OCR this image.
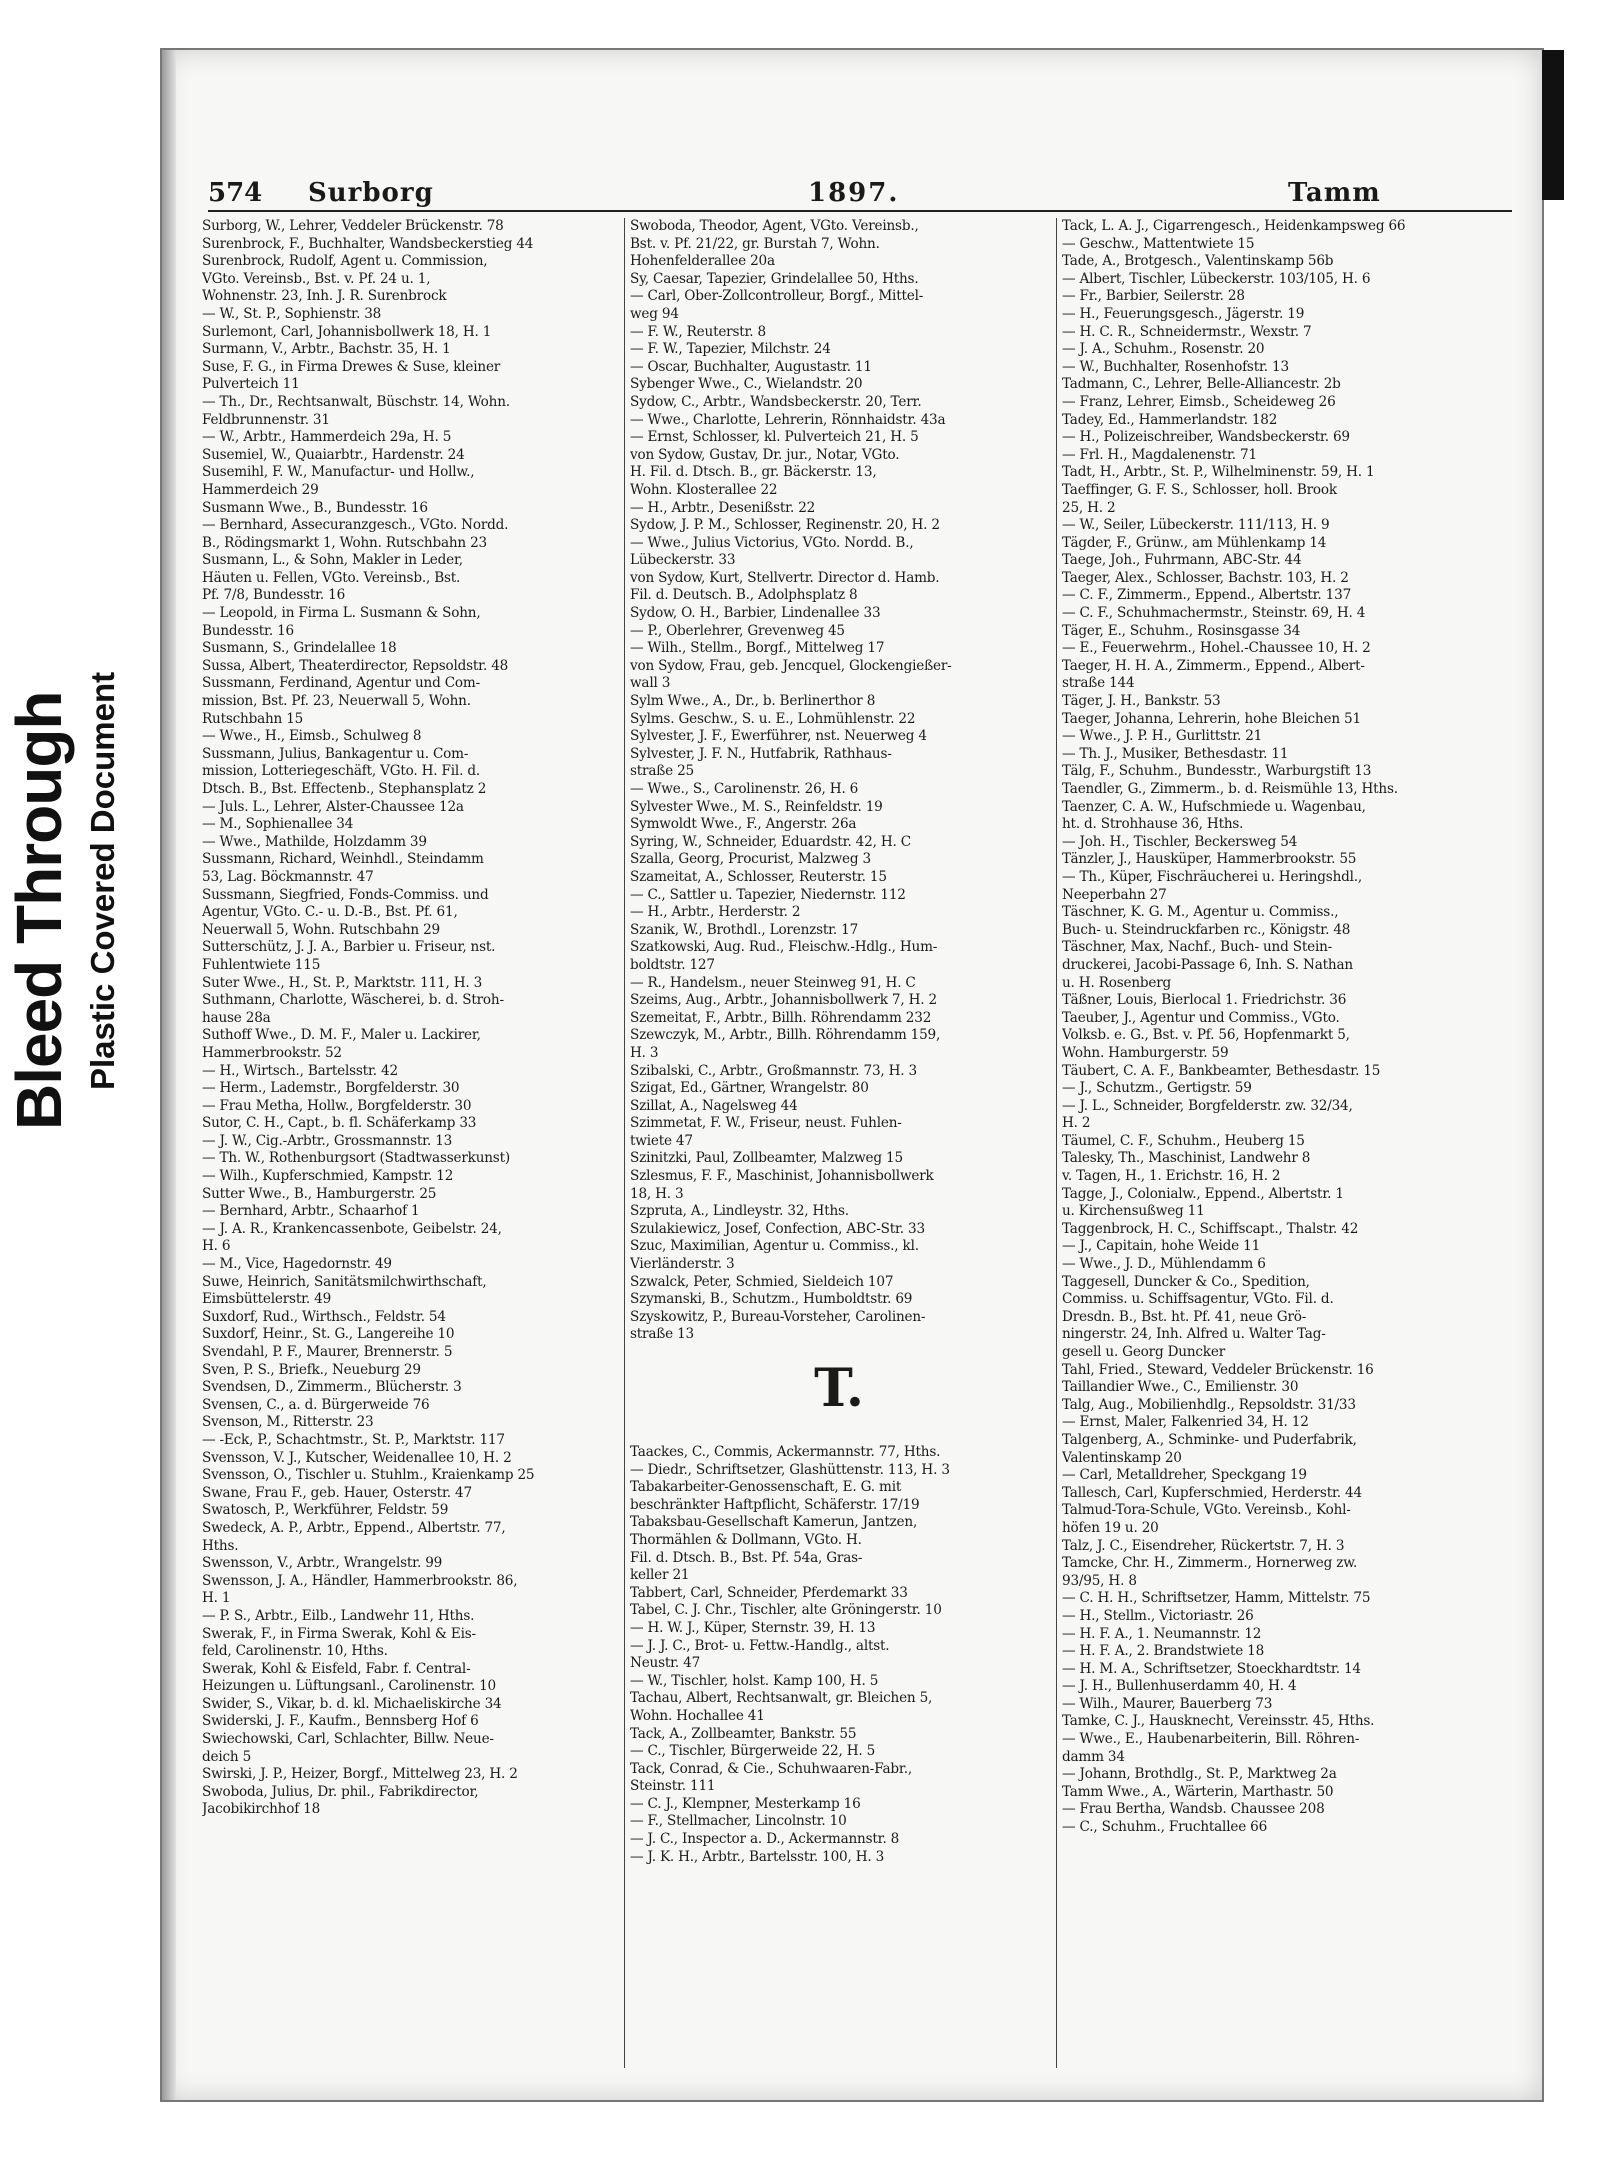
Bleed Through Plastic Covered Document
574 Surborg	1897.	Tamm
Surborg, W., Lehrer, Veddeler Brückenstr. 78
Surenbrock, F., Buchhalter, Wandsbeckerstieg 44
Surenbrock, Rudolf, Agent u. Commission,
VGto. Vereinsb., Bst. v. Pf. 24 u. 1,
Wohnenstr. 23, Inh. J. R. Surenbrock
— W., St. P., Sophienstr. 38
Surlemont, Carl, Johannisbollwerk 18, H. 1
Surmann, V., Arbtr., Bachstr. 35, H. 1
Suse, F. G., in Firma Drewes & Suse, kleiner
Pulverteich 11
— Th., Dr., Rechtsanwalt, Büschstr. 14, Wohn.
Feldbrunnenstr. 31
— W., Arbtr., Hammerdeich 29a, H. 5
Susemiel, W., Quaiarbtr., Hardenstr. 24
Susemihl, F. W., Manufactur- und Hollw.,
Hammerdeich 29
Susmann Wwe., B., Bundesstr. 16
— Bernhard, Assecuranzgesch., VGto. Nordd.
B., Rödingsmarkt 1, Wohn. Rutschbahn 23
Susmann, L., & Sohn, Makler in Leder,
Häuten u. Fellen, VGto. Vereinsb., Bst.
Pf. 7/8, Bundesstr. 16
— Leopold, in Firma L. Susmann & Sohn,
Bundesstr. 16
Susmann, S., Grindelallee 18
Sussa, Albert, Theaterdirector, Repsoldstr. 48
Sussmann, Ferdinand, Agentur und Com-
mission, Bst. Pf. 23, Neuerwall 5, Wohn.
Rutschbahn 15
— Wwe., H., Eimsb., Schulweg 8
Sussmann, Julius, Bankagentur u. Com-
mission, Lotteriegeschäft, VGto. H. Fil. d.
Dtsch. B., Bst. Effectenb., Stephansplatz 2
— Juls. L., Lehrer, Alster-Chaussee 12a
— M., Sophienallee 34
— Wwe., Mathilde, Holzdamm 39
Sussmann, Richard, Weinhdl., Steindamm
53, Lag. Böckmannstr. 47
Sussmann, Siegfried, Fonds-Commiss. und
Agentur, VGto. C.- u. D.-B., Bst. Pf. 61,
Neuerwall 5, Wohn. Rutschbahn 29
Sutterschütz, J. J. A., Barbier u. Friseur, nst.
Fuhlentwiete 115
Suter Wwe., H., St. P., Marktstr. 111, H. 3
Suthmann, Charlotte, Wäscherei, b. d. Stroh-
hause 28a
Suthoff Wwe., D. M. F., Maler u. Lackirer,
Hammerbrookstr. 52
— H., Wirtsch., Bartelsstr. 42
— Herm., Lademstr., Borgfelderstr. 30
— Frau Metha, Hollw., Borgfelderstr. 30
Sutor, C. H., Capt., b. fl. Schäferkamp 33
— J. W., Cig.-Arbtr., Grossmannstr. 13
— Th. W., Rothenburgsort (Stadtwasserkunst)
— Wilh., Kupferschmied, Kampstr. 12
Sutter Wwe., B., Hamburgerstr. 25
— Bernhard, Arbtr., Schaarhof 1
— J. A. R., Krankencassenbote, Geibelstr. 24,
H. 6
— M., Vice, Hagedornstr. 49
Suwe, Heinrich, Sanitätsmilchwirthschaft,
Eimsbüttelerstr. 49
Suxdorf, Rud., Wirthsch., Feldstr. 54
Suxdorf, Heinr., St. G., Langereihe 10
Svendahl, P. F., Maurer, Brennerstr. 5
Sven, P. S., Briefk., Neueburg 29
Svendsen, D., Zimmerm., Blücherstr. 3
Svensen, C., a. d. Bürgerweide 76
Svenson, M., Ritterstr. 23
— -Eck, P., Schachtmstr., St. P., Marktstr. 117
Svensson, V. J., Kutscher, Weidenallee 10, H. 2
Svensson, O., Tischler u. Stuhlm., Kraienkamp 25
Swane, Frau F., geb. Hauer, Osterstr. 47
Swatosch, P., Werkführer, Feldstr. 59
Swedeck, A. P., Arbtr., Eppend., Albertstr. 77,
Hths.
Swensson, V., Arbtr., Wrangelstr. 99
Swensson, J. A., Händler, Hammerbrookstr. 86,
H. 1
— P. S., Arbtr., Eilb., Landwehr 11, Hths.
Swerak, F., in Firma Swerak, Kohl & Eis-
feld, Carolinenstr. 10, Hths.
Swerak, Kohl & Eisfeld, Fabr. f. Central-
Heizungen u. Lüftungsanl., Carolinenstr. 10
Swider, S., Vikar, b. d. kl. Michaeliskirche 34
Swiderski, J. F., Kaufm., Bennsberg Hof 6
Swiechowski, Carl, Schlachter, Billw. Neue-
deich 5
Swirski, J. P., Heizer, Borgf., Mittelweg 23, H. 2
Swoboda, Julius, Dr. phil., Fabrikdirector,
Jacobikirchhof 18
Swoboda, Theodor, Agent, VGto. Vereinsb.,
Bst. v. Pf. 21/22, gr. Burstah 7, Wohn.
Hohenfelderallee 20a
Sy, Caesar, Tapezier, Grindelallee 50, Hths.
— Carl, Ober-Zollcontrolleur, Borgf., Mittel-
weg 94
— F. W., Reuterstr. 8
— F. W., Tapezier, Milchstr. 24
— Oscar, Buchhalter, Augustastr. 11
Sybenger Wwe., C., Wielandstr. 20
Sydow, C., Arbtr., Wandsbeckerstr. 20, Terr.
— Wwe., Charlotte, Lehrerin, Rönnhaidstr. 43a
— Ernst, Schlosser, kl. Pulverteich 21, H. 5
von Sydow, Gustav, Dr. jur., Notar, VGto.
H. Fil. d. Dtsch. B., gr. Bäckerstr. 13,
Wohn. Klosterallee 22
— H., Arbtr., Desenißstr. 22
Sydow, J. P. M., Schlosser, Reginenstr. 20, H. 2
— Wwe., Julius Victorius, VGto. Nordd. B.,
Lübeckerstr. 33
von Sydow, Kurt, Stellvertr. Director d. Hamb.
Fil. d. Deutsch. B., Adolphsplatz 8
Sydow, O. H., Barbier, Lindenallee 33
— P., Oberlehrer, Grevenweg 45
— Wilh., Stellm., Borgf., Mittelweg 17
von Sydow, Frau, geb. Jencquel, Glockengießer-
wall 3
Sylm Wwe., A., Dr., b. Berlinerthor 8
Sylms. Geschw., S. u. E., Lohmühlenstr. 22
Sylvester, J. F., Ewerführer, nst. Neuerweg 4
Sylvester, J. F. N., Hutfabrik, Rathhaus-
straße 25
— Wwe., S., Carolinenstr. 26, H. 6
Sylvester Wwe., M. S., Reinfeldstr. 19
Symwoldt Wwe., F., Angerstr. 26a
Syring, W., Schneider, Eduardstr. 42, H. C
Szalla, Georg, Procurist, Malzweg 3
Szameitat, A., Schlosser, Reuterstr. 15
— C., Sattler u. Tapezier, Niedernstr. 112
— H., Arbtr., Herderstr. 2
Szanik, W., Brothdl., Lorenzstr. 17
Szatkowski, Aug. Rud., Fleischw.-Hdlg., Hum-
boldtstr. 127
— R., Handelsm., neuer Steinweg 91, H. C
Szeims, Aug., Arbtr., Johannisbollwerk 7, H. 2
Szemeitat, F., Arbtr., Billh. Röhrendamm 232
Szewczyk, M., Arbtr., Billh. Röhrendamm 159,
H. 3
Szibalski, C., Arbtr., Großmannstr. 73, H. 3
Szigat, Ed., Gärtner, Wrangelstr. 80
Szillat, A., Nagelsweg 44
Szimmetat, F. W., Friseur, neust. Fuhlen-
twiete 47
Szinitzki, Paul, Zollbeamter, Malzweg 15
Szlesmus, F. F., Maschinist, Johannisbollwerk
18, H. 3
Szpruta, A., Lindleystr. 32, Hths.
Szulakiewicz, Josef, Confection, ABC-Str. 33
Szuc, Maximilian, Agentur u. Commiss., kl.
Vierländerstr. 3
Szwalck, Peter, Schmied, Sieldeich 107
Szymanski, B., Schutzm., Humboldtstr. 69
Szyskowitz, P., Bureau-Vorsteher, Carolinen-
straße 13
T.
Taackes, C., Commis, Ackermannstr. 77, Hths.
— Diedr., Schriftsetzer, Glashüttenstr. 113, H. 3
Tabakarbeiter-Genossenschaft, E. G. mit
beschränkter Haftpflicht, Schäferstr. 17/19
Tabaksbau-Gesellschaft Kamerun, Jantzen,
Thormählen & Dollmann, VGto. H.
Fil. d. Dtsch. B., Bst. Pf. 54a, Gras-
keller 21
Tabbert, Carl, Schneider, Pferdemarkt 33
Tabel, C. J. Chr., Tischler, alte Gröningerstr. 10
— H. W. J., Küper, Sternstr. 39, H. 13
— J. J. C., Brot- u. Fettw.-Handlg., altst.
Neustr. 47
— W., Tischler, holst. Kamp 100, H. 5
Tachau, Albert, Rechtsanwalt, gr. Bleichen 5,
Wohn. Hochallee 41
Tack, A., Zollbeamter, Bankstr. 55
— C., Tischler, Bürgerweide 22, H. 5
Tack, Conrad, & Cie., Schuhwaaren-Fabr.,
Steinstr. 111
— C. J., Klempner, Mesterkamp 16
— F., Stellmacher, Lincolnstr. 10
— J. C., Inspector a. D., Ackermannstr. 8
— J. K. H., Arbtr., Bartelsstr. 100, H. 3
Tack, L. A. J., Cigarrengesch., Heidenkampsweg 66
— Geschw., Mattentwiete 15
Tade, A., Brotgesch., Valentinskamp 56b
— Albert, Tischler, Lübeckerstr. 103/105, H. 6
— Fr., Barbier, Seilerstr. 28
— H., Feuerungsgesch., Jägerstr. 19
— H. C. R., Schneidermstr., Wexstr. 7
— J. A., Schuhm., Rosenstr. 20
— W., Buchhalter, Rosenhofstr. 13
Tadmann, C., Lehrer, Belle-Alliancestr. 2b
— Franz, Lehrer, Eimsb., Scheideweg 26
Tadey, Ed., Hammerlandstr. 182
— H., Polizeischreiber, Wandsbeckerstr. 69
— Frl. H., Magdalenenstr. 71
Tadt, H., Arbtr., St. P., Wilhelminenstr. 59, H. 1
Taeffinger, G. F. S., Schlosser, holl. Brook
25, H. 2
— W., Seiler, Lübeckerstr. 111/113, H. 9
Tägder, F., Grünw., am Mühlenkamp 14
Taege, Joh., Fuhrmann, ABC-Str. 44
Taeger, Alex., Schlosser, Bachstr. 103, H. 2
— C. F., Zimmerm., Eppend., Albertstr. 137
— C. F., Schuhmachermstr., Steinstr. 69, H. 4
Täger, E., Schuhm., Rosinsgasse 34
— E., Feuerwehrm., Hohel.-Chaussee 10, H. 2
Taeger, H. H. A., Zimmerm., Eppend., Albert-
straße 144
Täger, J. H., Bankstr. 53
Taeger, Johanna, Lehrerin, hohe Bleichen 51
— Wwe., J. P. H., Gurlittstr. 21
— Th. J., Musiker, Bethesdastr. 11
Tälg, F., Schuhm., Bundesstr., Warburgstift 13
Taendler, G., Zimmerm., b. d. Reismühle 13, Hths.
Taenzer, C. A. W., Hufschmiede u. Wagenbau,
ht. d. Strohhause 36, Hths.
— Joh. H., Tischler, Beckersweg 54
Tänzler, J., Hausküper, Hammerbrookstr. 55
— Th., Küper, Fischräucherei u. Heringshdl.,
Neeperbahn 27
Täschner, K. G. M., Agentur u. Commiss.,
Buch- u. Steindruckfarben rc., Königstr. 48
Täschner, Max, Nachf., Buch- und Stein-
druckerei, Jacobi-Passage 6, Inh. S. Nathan
u. H. Rosenberg
Täßner, Louis, Bierlocal 1. Friedrichstr. 36
Taeuber, J., Agentur und Commiss., VGto.
Volksb. e. G., Bst. v. Pf. 56, Hopfenmarkt 5,
Wohn. Hamburgerstr. 59
Täubert, C. A. F., Bankbeamter, Bethesdastr. 15
— J., Schutzm., Gertigstr. 59
— J. L., Schneider, Borgfelderstr. zw. 32/34,
H. 2
Täumel, C. F., Schuhm., Heuberg 15
Talesky, Th., Maschinist, Landwehr 8
v. Tagen, H., 1. Erichstr. 16, H. 2
Tagge, J., Colonialw., Eppend., Albertstr. 1
u. Kirchensußweg 11
Taggenbrock, H. C., Schiffscapt., Thalstr. 42
— J., Capitain, hohe Weide 11
— Wwe., J. D., Mühlendamm 6
Taggesell, Duncker & Co., Spedition,
Commiss. u. Schiffsagentur, VGto. Fil. d.
Dresdn. B., Bst. ht. Pf. 41, neue Grö-
ningerstr. 24, Inh. Alfred u. Walter Tag-
gesell u. Georg Duncker
Tahl, Fried., Steward, Veddeler Brückenstr. 16
Taillandier Wwe., C., Emilienstr. 30
Talg, Aug., Mobilienhdlg., Repsoldstr. 31/33
— Ernst, Maler, Falkenried 34, H. 12
Talgenberg, A., Schminke- und Puderfabrik,
Valentinskamp 20
— Carl, Metalldreher, Speckgang 19
Tallesch, Carl, Kupferschmied, Herderstr. 44
Talmud-Tora-Schule, VGto. Vereinsb., Kohl-
höfen 19 u. 20
Talz, J. C., Eisendreher, Rückertstr. 7, H. 3
Tamcke, Chr. H., Zimmerm., Hornerweg zw.
93/95, H. 8
— C. H. H., Schriftsetzer, Hamm, Mittelstr. 75
— H., Stellm., Victoriastr. 26
— H. F. A., 1. Neumannstr. 12
— H. F. A., 2. Brandstwiete 18
— H. M. A., Schriftsetzer, Stoeckhardtstr. 14
— J. H., Bullenhuserdamm 40, H. 4
— Wilh., Maurer, Bauerberg 73
Tamke, C. J., Hausknecht, Vereinsstr. 45, Hths.
— Wwe., E., Haubenarbeiterin, Bill. Röhren-
damm 34
— Johann, Brothdlg., St. P., Marktweg 2a
Tamm Wwe., A., Wärterin, Marthastr. 50
— Frau Bertha, Wandsb. Chaussee 208
— C., Schuhm., Fruchtallee 66
